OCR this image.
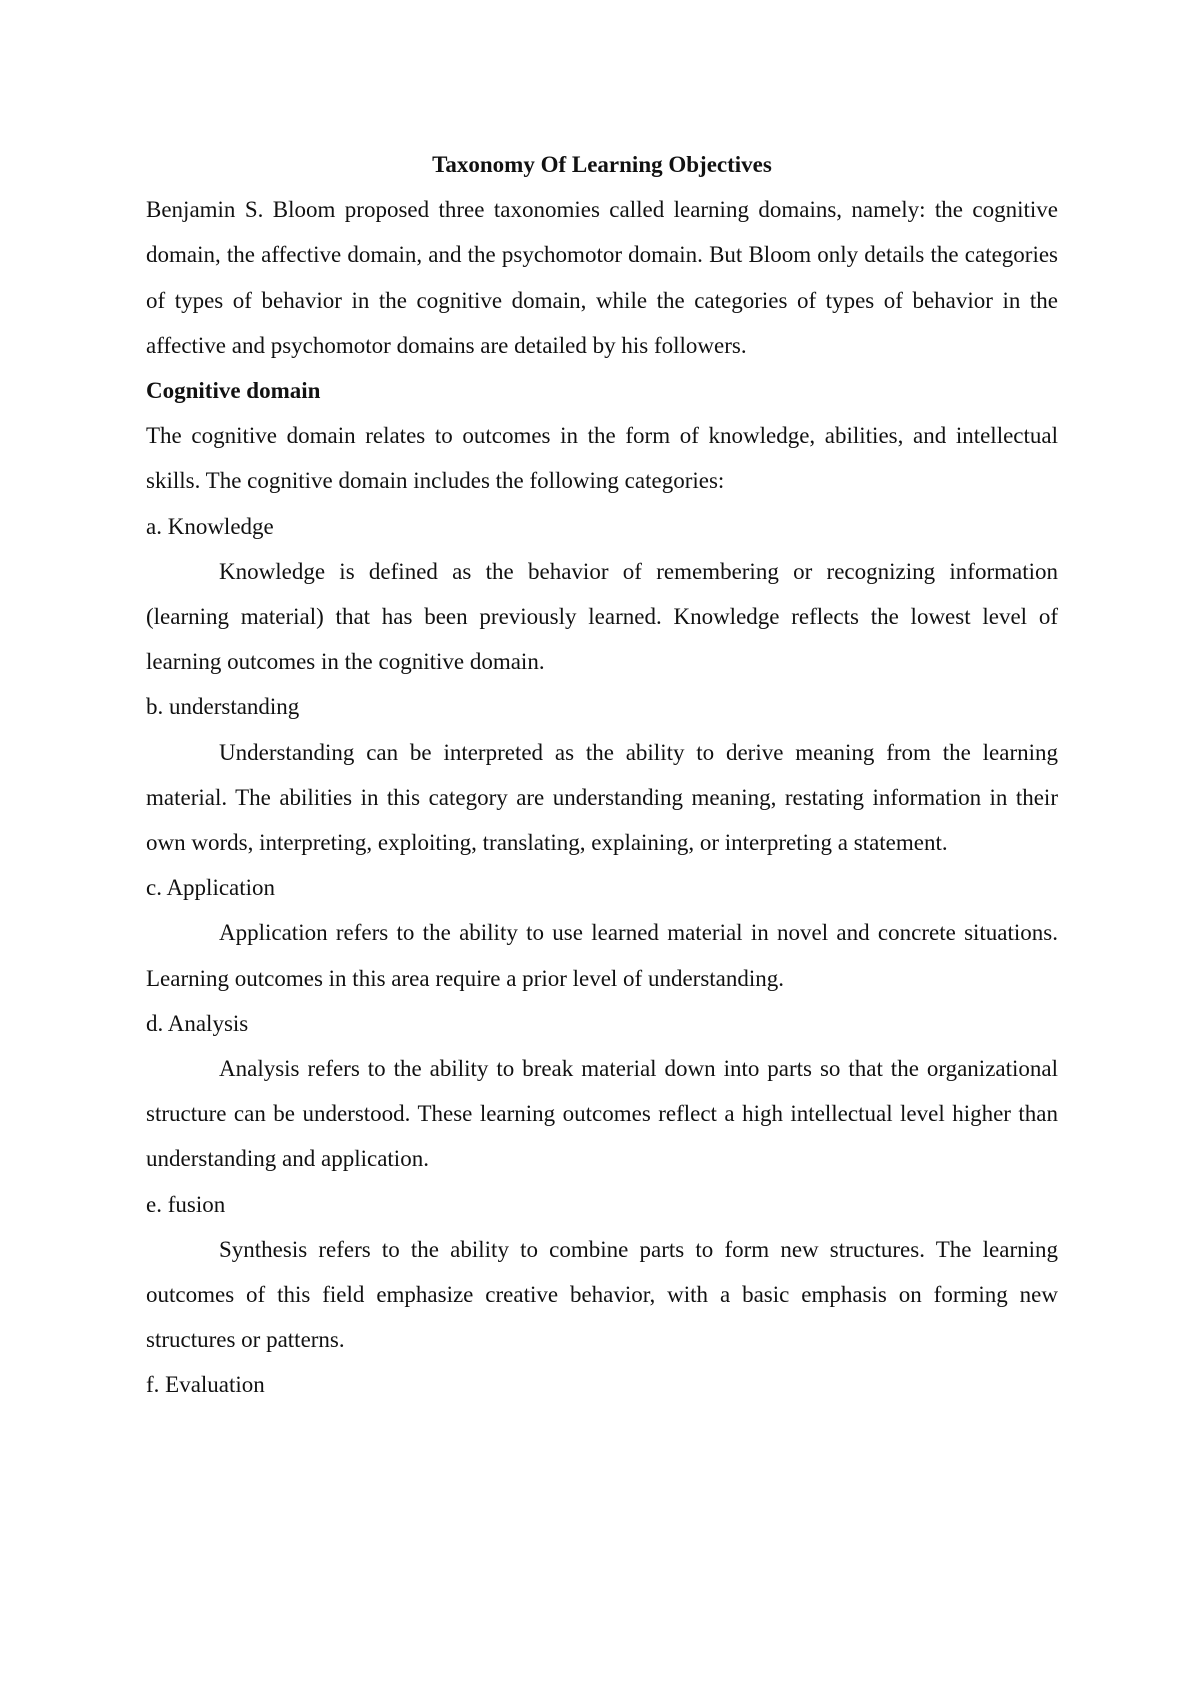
Taxonomy Of Learning Objectives

Benjamin S. Bloom proposed three taxonomies called learning domains, namely: the cognitive domain, the affective domain, and the psychomotor domain. But Bloom only details the categories of types of behavior in the cognitive domain, while the categories of types of behavior in the affective and psychomotor domains are detailed by his followers.

Cognitive domain

The cognitive domain relates to outcomes in the form of knowledge, abilities, and intellectual skills. The cognitive domain includes the following categories:

a. Knowledge

Knowledge is defined as the behavior of remembering or recognizing information (learning material) that has been previously learned. Knowledge reflects the lowest level of learning outcomes in the cognitive domain.

b. understanding

Understanding can be interpreted as the ability to derive meaning from the learning material. The abilities in this category are understanding meaning, restating information in their own words, interpreting, exploiting, translating, explaining, or interpreting a statement.

c. Application

Application refers to the ability to use learned material in novel and concrete situations. Learning outcomes in this area require a prior level of understanding.

d. Analysis

Analysis refers to the ability to break material down into parts so that the organizational structure can be understood. These learning outcomes reflect a high intellectual level higher than understanding and application.

e. fusion

Synthesis refers to the ability to combine parts to form new structures. The learning outcomes of this field emphasize creative behavior, with a basic emphasis on forming new structures or patterns.

f. Evaluation
